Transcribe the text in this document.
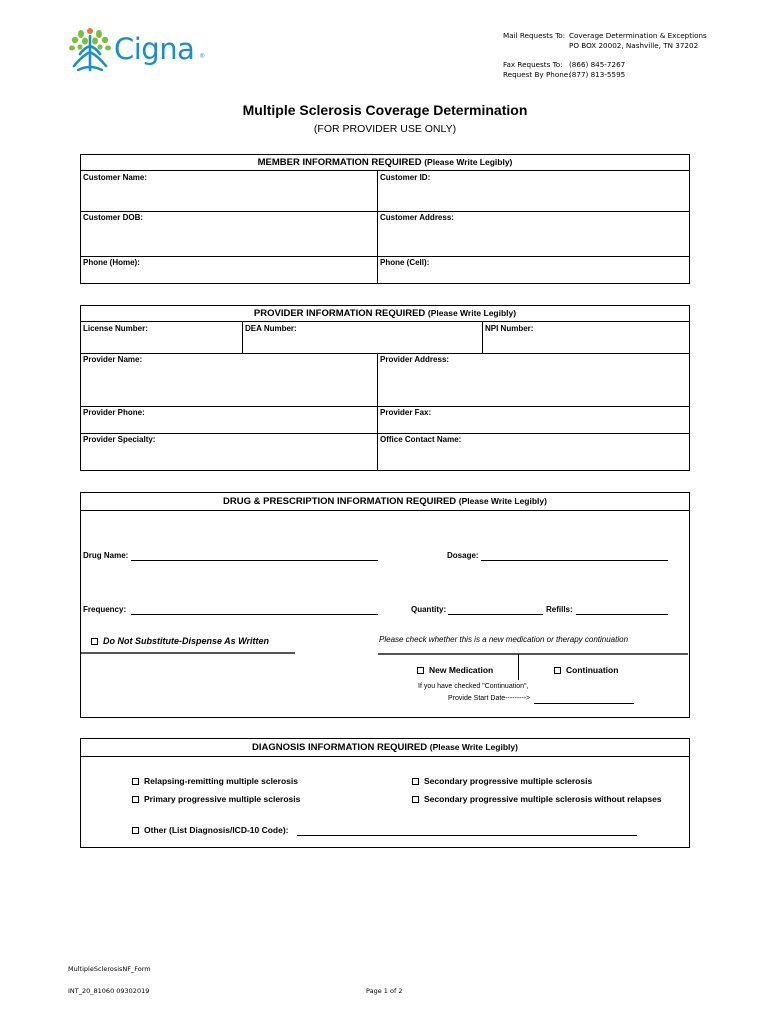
Cigna ®
Mail Requests To: Coverage Determination & Exceptions
PO BOX 20002, Nashville, TN 37202
Fax Requests To: (866) 845-7267
Request By Phone:
(877) 813-5595
Multiple Sclerosis Coverage Determination
(FOR PROVIDER USE ONLY)
MEMBER INFORMATION REQUIRED (Please Write Legibly)
Customer Name:	Customer ID:
Customer DOB:	Customer Address:
Phone (Home):	Phone (Cell):
PROVIDER INFORMATION REQUIRED (Please Write Legibly)
License Number:	DEA Number:	NPI Number:
Provider Name:	Provider Address:
Provider Phone:	Provider Fax:
Provider Specialty:	Office Contact Name:
DRUG & PRESCRIPTION INFORMATION REQUIRED (Please Write Legibly)
Drug Name:	Dosage:
Frequency:	Quantity:	Refills:
Do Not Substitute-Dispense As Written	Please check whether this is a new medication or therapy continuation
New Medication	Continuation
If you have checked "Continuation",
Provide Start Date--------->
DIAGNOSIS INFORMATION REQUIRED (Please Write Legibly)
Relapsing-remitting multiple sclerosis	Secondary progressive multiple sclerosis
Primary progressive multiple sclerosis	Secondary progressive multiple sclerosis without relapses
Other (List Diagnosis/ICD-10 Code):
MultipleSclerosisNF_Form
INT_20_81060 09302019	Page 1 of 2
